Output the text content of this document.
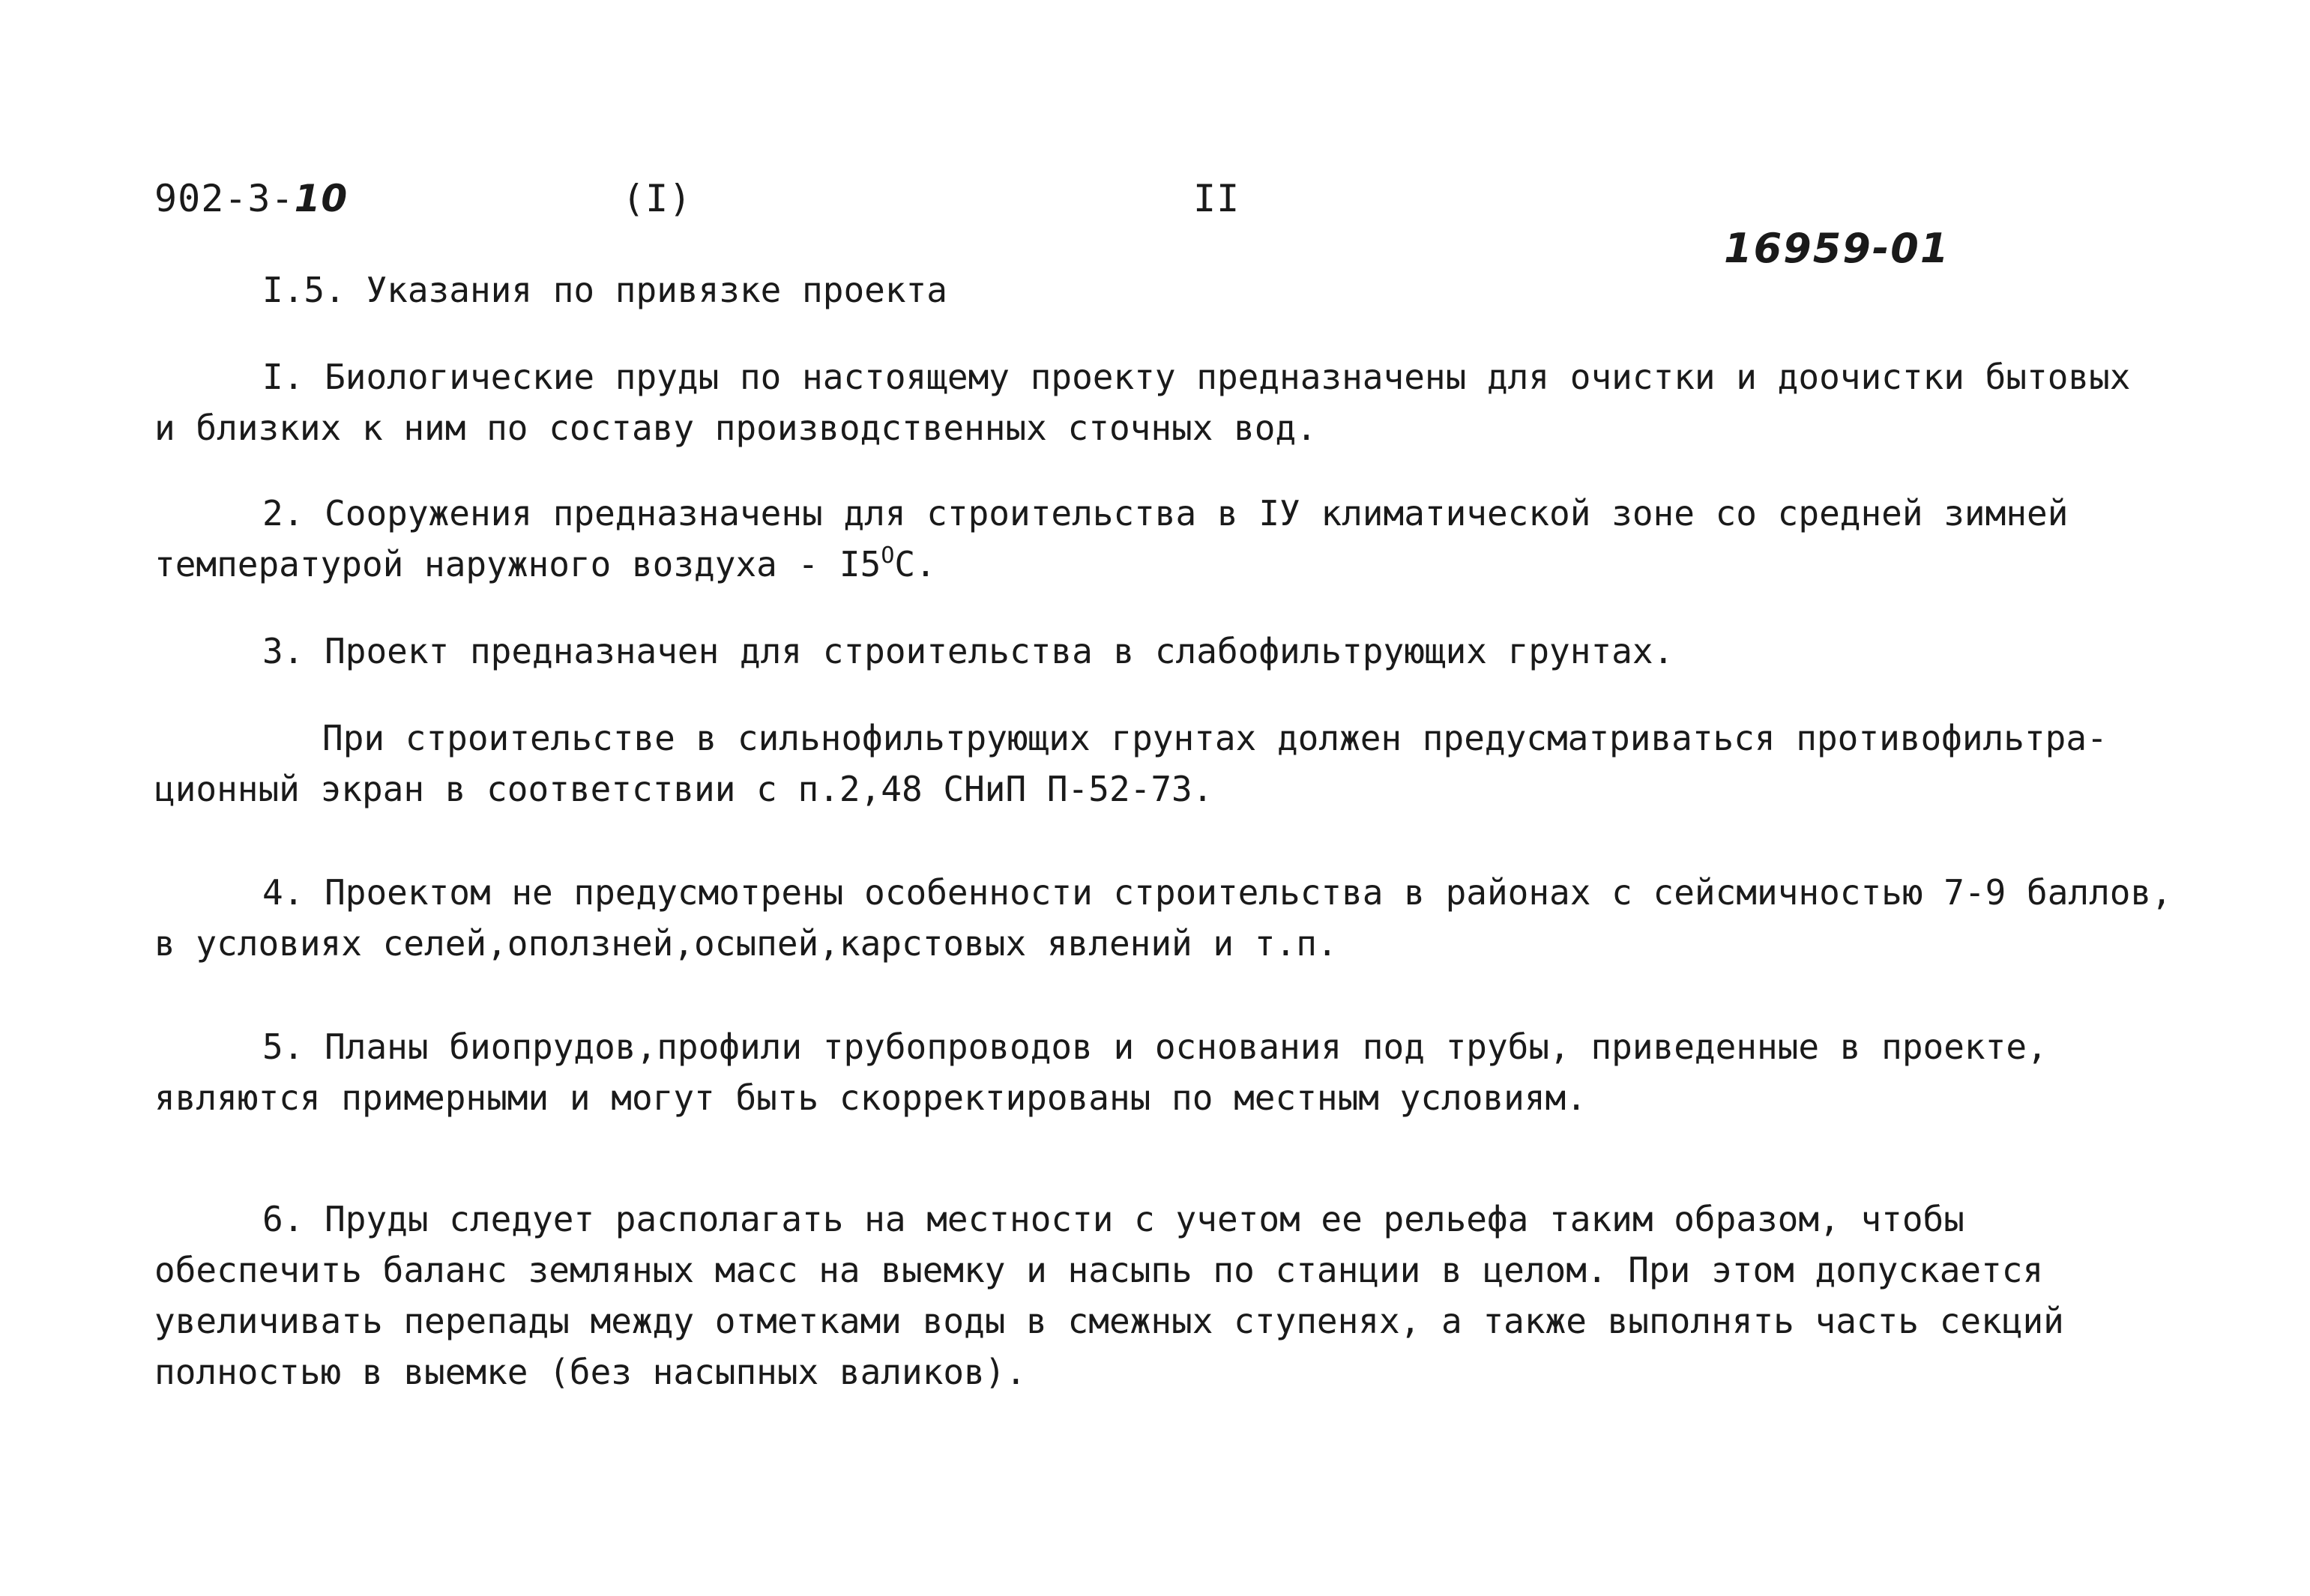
902-3-10	(I)	II
16959-01
I.5. Указания по привязке проекта
I. Биологические пруды по настоящему проекту предназначены для очистки и доочистки бытовых
и близких к ним по составу производственных сточных вод.
2. Сооружения предназначены для строительства в IУ климатической зоне со средней зимней
температурой наружного воздуха - $I5^OC$.
3. Проект предназначен для строительства в слабофильтрующих грунтах.
При строительстве в сильнофильтрующих грунтах должен предусматриваться противофильтра-
ционный экран в соответствии с п.2,48 СНиП П-52-73.
4. Проектом не предусмотрены особенности строительства в районах с сейсмичностью 7-9 баллов,
в условиях селей,оползней,осыпей,карстовых явлений и т.п.
5. Планы биопрудов,профили трубопроводов и основания под трубы, приведенные в проекте,
являются примерными и могут быть скорректированы по местным условиям.
6. Пруды следует располагать на местности с учетом ее рельефа таким образом, чтобы
обеспечить баланс земляных масс на выемку и насыпь по станции в целом. При этом допускается
увеличивать перепады между отметками воды в смежных ступенях, а также выполнять часть секций
полностью в выемке (без насыпных валиков).
